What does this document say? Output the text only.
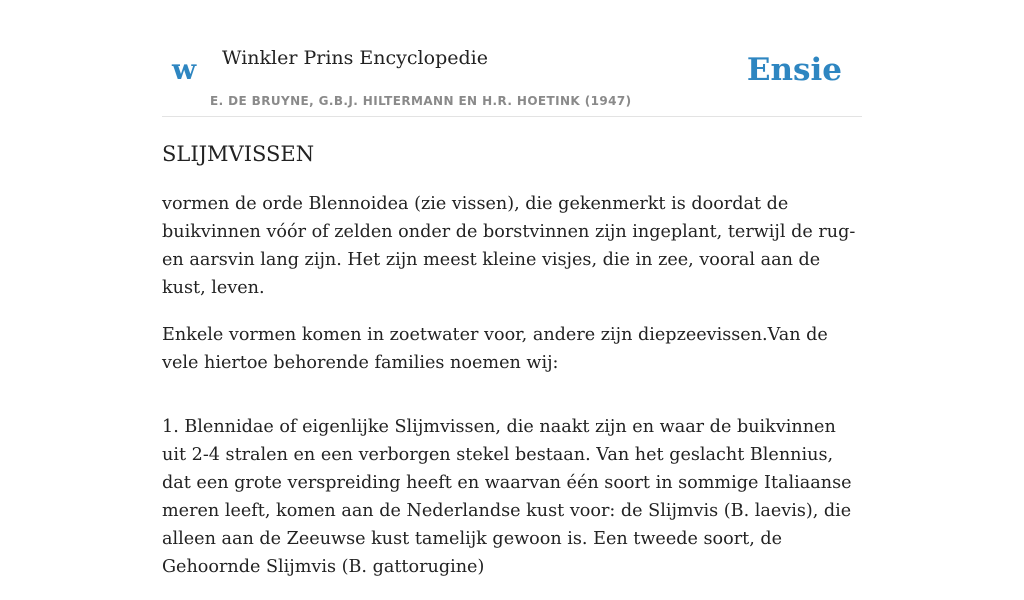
w Winkler Prins Encyclopedie
E. DE BRUYNE, G.B.J. HILTERMANN EN H.R. HOETINK (1947)
Ensie
SLIJMVISSEN

vormen de orde Blennoidea (zie vissen), die gekenmerkt is doordat de buikvinnen vóór of zelden onder de borstvinnen zijn ingeplant, terwijl de rug- en aarsvin lang zijn. Het zijn meest kleine visjes, die in zee, vooral aan de kust, leven.

Enkele vormen komen in zoetwater voor, andere zijn diepzeevissen.Van de vele hiertoe behorende families noemen wij:

1. Blennidae of eigenlijke Slijmvissen, die naakt zijn en waar de buikvinnen uit 2-4 stralen en een verborgen stekel bestaan. Van het geslacht Blennius, dat een grote verspreiding heeft en waarvan één soort in sommige Italiaanse meren leeft, komen aan de Nederlandse kust voor: de Slijmvis (B. laevis), die alleen aan de Zeeuwse kust tamelijk gewoon is. Een tweede soort, de Gehoornde Slijmvis (B. gattorugine)
